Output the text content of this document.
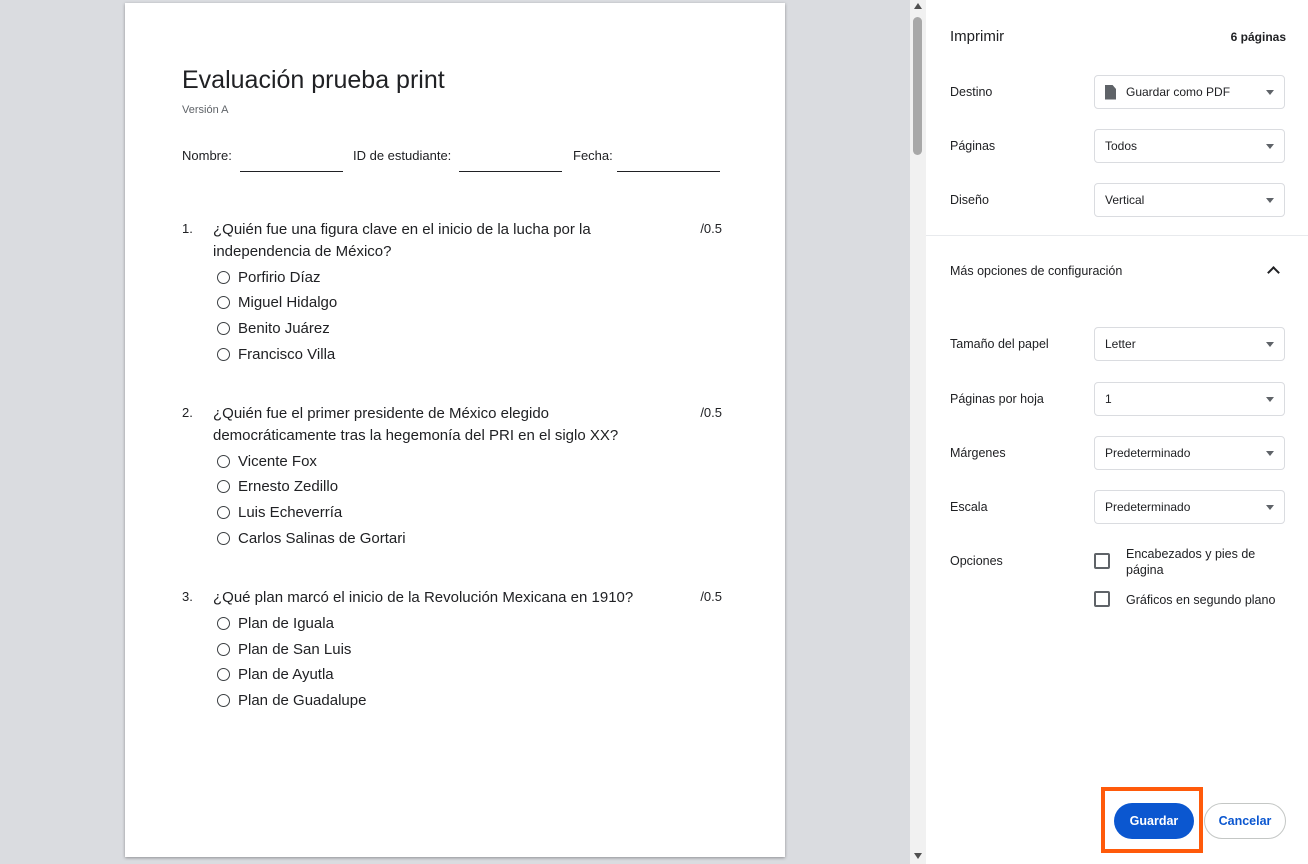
Evaluación prueba print
Versión A
Nombre:	ID de estudiante:	Fecha:
1. ¿Quién fue una figura clave en el inicio de la lucha por la independencia de México?
/0.5
Porfirio Díaz
Miguel Hidalgo
Benito Juárez
Francisco Villa
2. ¿Quién fue el primer presidente de México elegido democráticamente tras la hegemonía del PRI en el siglo XX?
/0.5
Vicente Fox
Ernesto Zedillo
Luis Echeverría
Carlos Salinas de Gortari
3. ¿Qué plan marcó el inicio de la Revolución Mexicana en 1910?	/0.5
Plan de Iguala
Plan de San Luis
Plan de Ayutla
Plan de Guadalupe
Imprimir	6 páginas
Destino	Guardar como PDF
Páginas	Todos
Diseño	Vertical
Más opciones de configuración
Tamaño del papel	Letter
Páginas por hoja	1
Márgenes	Predeterminado
Escala	Predeterminado
Opciones	Encabezados y pies de página
Gráficos en segundo plano
Guardar	Cancelar
